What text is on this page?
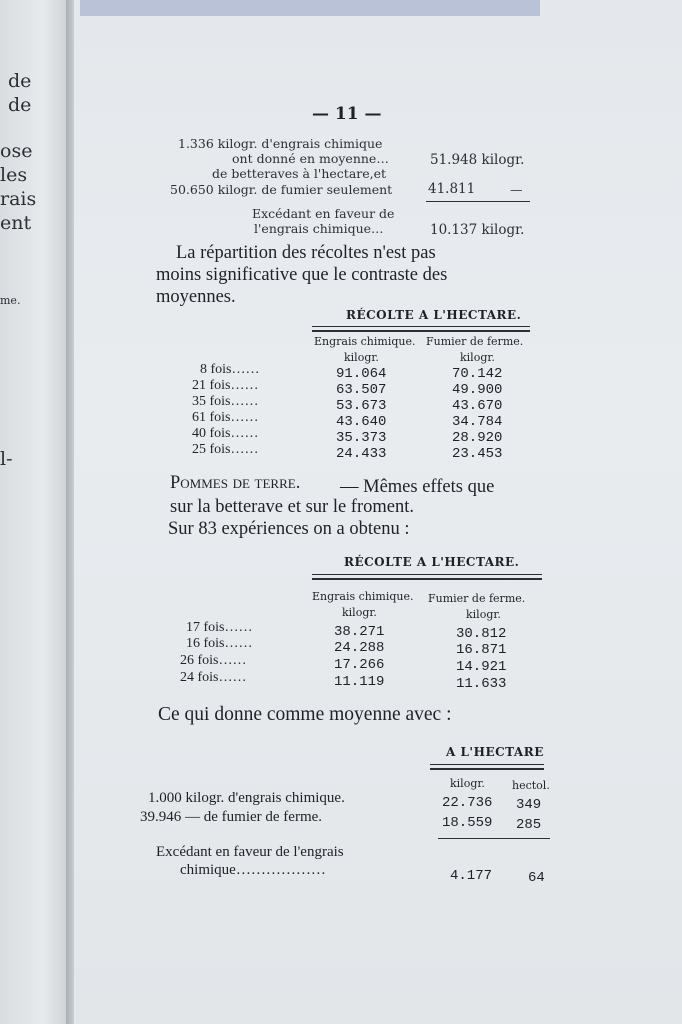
de
de
ose
les
rais
ent
me.
l-
— 11 —
1.336 kilogr. d'engrais chimique
ont donné en moyenne…	51.948 kilogr.
de betteraves à l'hectare,et
50.650 kilogr. de fumier seulement	41.811	—
Excédant en faveur de
l'engrais chimique…	10.137 kilogr.
La répartition des récoltes n'est pas
moins significative que le contraste des
moyennes.
RÉCOLTE A L'HECTARE.
Engrais chimique. Fumier de ferme.
kilogr.	kilogr.
8 fois……	91.064	70.142
21 fois……	63.507	49.900
35 fois……	53.673	43.670
61 fois……	43.640	34.784
40 fois……	35.373	28.920
25 fois……	24.433	23.453
Pommes de terre. — Mêmes effets que
sur la betterave et sur le froment.
Sur 83 expériences on a obtenu :
RÉCOLTE A L'HECTARE.
Engrais chimique. Fumier de ferme.
kilogr.	kilogr.
17 fois……	38.271	30.812
16 fois……	24.288	16.871
26 fois……	17.266	14.921
24 fois……	11.119	11.633
Ce qui donne comme moyenne avec :
A L'HECTARE
kilogr. hectol.
1.000 kilogr. d'engrais chimique.	22.736 349
39.946 — de fumier de ferme.	18.559 285
Excédant en faveur de l'engrais
chimique………………	4.177	64
